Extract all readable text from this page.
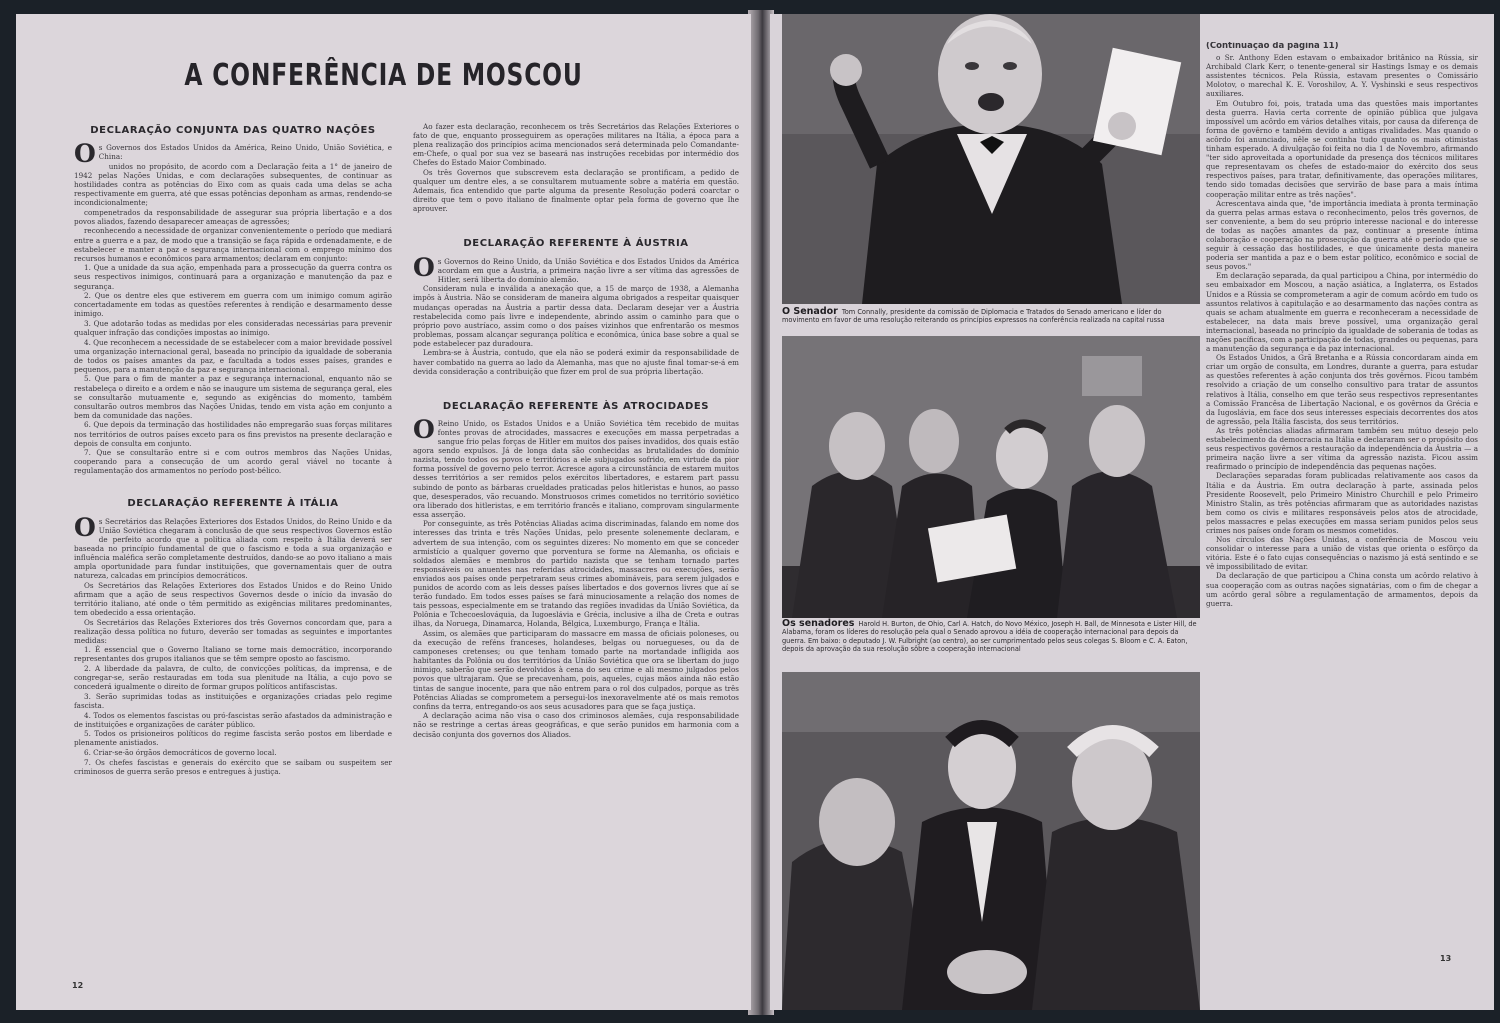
A CONFERÊNCIA DE MOSCOU
DECLARAÇÃO CONJUNTA DAS QUATRO NAÇÕES

Os Governos dos Estados Unidos da América, Reino Unido, União Soviética, e China:

unidos no propósito, de acordo com a Declaração feita a 1° de janeiro de 1942 pelas Nações Unidas, e com declarações subsequentes, de continuar as hostilidades contra as potências do Eixo com as quais cada uma delas se acha respectivamente em guerra, até que essas potências deponham as armas, rendendo-se incondicionalmente;

compenetrados da responsabilidade de assegurar sua própria libertação e a dos povos aliados, fazendo desaparecer ameaças de agressões;

reconhecendo a necessidade de organizar convenientemente o período que mediará entre a guerra e a paz, de modo que a transição se faça rápida e ordenadamente, e de estabelecer e manter a paz e segurança internacional com o emprego mínimo dos recursos humanos e econômicos para armamentos; declaram em conjunto:

1. Que a unidade da sua ação, empenhada para a prossecução da guerra contra os seus respectivos inimigos, continuará para a organização e manutenção da paz e segurança.

2. Que os dentre eles que estiverem em guerra com um inimigo comum agirão concertadamente em todas as questões referentes à rendição e desarmamento desse inimigo.

3. Que adotarão todas as medidas por eles consideradas necessárias para prevenir qualquer infração das condições impostas ao inimigo.

4. Que reconhecem a necessidade de se estabelecer com a maior brevidade possível uma organização internacional geral, baseada no princípio da igualdade de soberania de todos os países amantes da paz, e facultada a todos esses países, grandes e pequenos, para a manutenção da paz e segurança internacional.

5. Que para o fim de manter a paz e segurança internacional, enquanto não se restabeleça o direito e a ordem e não se inaugure um sistema de segurança geral, eles se consultarão mutuamente e, segundo as exigências do momento, também consultarão outros membros das Nações Unidas, tendo em vista ação em conjunto a bem da comunidade das nações.

6. Que depois da terminação das hostilidades não empregarão suas forças militares nos territórios de outros países exceto para os fins previstos na presente declaração e depois de consulta em conjunto.

7. Que se consultarão entre si e com outros membros das Nações Unidas, cooperando para a consecução de um acordo geral viável no tocante à regulamentação dos armamentos no período post-bélico.

DECLARAÇÃO REFERENTE À ITÁLIA

Os Secretários das Relações Exteriores dos Estados Unidos, do Reino Unido e da União Soviética chegaram à conclusão de que seus respectivos Governos estão de perfeito acordo que a política aliada com respeito à Itália deverá ser baseada no princípio fundamental de que o fascismo e toda a sua organização e influência maléfica serão completamente destruídos, dando-se ao povo italiano a mais ampla oportunidade para fundar instituições, que governamentais quer de outra natureza, calcadas em princípios democráticos.

Os Secretários das Relações Exteriores dos Estados Unidos e do Reino Unido afirmam que a ação de seus respectivos Governos desde o início da invasão do território italiano, até onde o têm permitido as exigências militares predominantes, tem obedecido a essa orientação.

Os Secretários das Relações Exteriores dos três Governos concordam que, para a realização dessa política no futuro, deverão ser tomadas as seguintes e importantes medidas:

1. É essencial que o Governo Italiano se torne mais democrático, incorporando representantes dos grupos italianos que se têm sempre oposto ao fascismo.

2. A liberdade da palavra, de culto, de convicções políticas, da imprensa, e de congregar-se, serão restauradas em toda sua plenitude na Itália, a cujo povo se concederá igualmente o direito de formar grupos políticos antifascistas.

3. Serão suprimidas todas as instituições e organizações criadas pelo regime fascista.

4. Todos os elementos fascistas ou pró-fascistas serão afastados da administração e de instituições e organizações de caráter público.

5. Todos os prisioneiros políticos do regime fascista serão postos em liberdade e plenamente anistiados.

6. Criar-se-ão órgãos democráticos de governo local.

7. Os chefes fascistas e generais do exército que se saibam ou suspeitem ser criminosos de guerra serão presos e entregues à justiça.

Ao fazer esta declaração, reconhecem os três Secretários das Relações Exteriores o fato de que, enquanto prosseguirem as operações militares na Itália, a época para a plena realização dos princípios acima mencionados será determinada pelo Comandante-em-Chefe, o qual por sua vez se baseará nas instruções recebidas por intermédio dos Chefes do Estado Maior Combinado.

Os três Governos que subscrevem esta declaração se prontificam, a pedido de qualquer um dentre eles, a se consultarem mutuamente sobre a matéria em questão. Ademais, fica entendido que parte alguma da presente Resolução poderá coarctar o direito que tem o povo italiano de finalmente optar pela forma de governo que lhe aprouver.

DECLARAÇÃO REFERENTE À ÁUSTRIA

Os Governos do Reino Unido, da União Soviética e dos Estados Unidos da América acordam em que a Áustria, a primeira nação livre a ser vítima das agressões de Hitler, será liberta do domínio alemão.

Consideram nula e inválida a anexação que, a 15 de março de 1938, a Alemanha impôs à Áustria. Não se consideram de maneira alguma obrigados a respeitar quaisquer mudanças operadas na Áustria a partir dessa data. Declaram desejar ver a Áustria restabelecida como país livre e independente, abrindo assim o caminho para que o próprio povo austríaco, assim como o dos países vizinhos que enfrentarão os mesmos problemas, possam alcançar segurança política e econômica, única base sobre a qual se pode estabelecer paz duradoura.

Lembra-se à Áustria, contudo, que ela não se poderá eximir da responsabilidade de haver combatido na guerra ao lado da Alemanha, mas que no ajuste final tomar-se-á em devida consideração a contribuição que fizer em prol de sua própria libertação.

DECLARAÇÃO REFERENTE ÀS ATROCIDADES

O Reino Unido, os Estados Unidos e a União Soviética têm recebido de muitas fontes provas de atrocidades, massacres e execuções em massa perpetradas a sangue frio pelas forças de Hitler em muitos dos países invadidos, dos quais estão agora sendo expulsos. Já de longa data são conhecidas as brutalidades do domínio nazista, tendo todos os povos e territórios a ele subjugados sofrido, em virtude da pior forma possível de governo pelo terror. Acresce agora a circunstância de estarem muitos desses territórios a ser remidos pelos exércitos libertadores, e estarem part passu subindo de ponto as bárbaras crueldades praticadas pelos hitleristas e hunos, ao passo que, desesperados, vão recuando. Monstruosos crimes cometidos no território soviético ora liberado dos hitleristas, e em território francês e italiano, comprovam singularmente essa asserção.

Por conseguinte, as três Potências Aliadas acima discriminadas, falando em nome dos interesses das trinta e três Nações Unidas, pelo presente solenemente declaram, e advertem de sua intenção, com os seguintes dizeres: No momento em que se conceder armistício a qualquer governo que porventura se forme na Alemanha, os oficiais e soldados alemães e membros do partido nazista que se tenham tornado partes responsáveis ou anuentes nas referidas atrocidades, massacres ou execuções, serão enviados aos países onde perpetraram seus crimes abomináveis, para serem julgados e punidos de acordo com as leis desses países libertados e dos governos livres que aí se terão fundado. Em todos esses países se fará minuciosamente a relação dos nomes de tais pessoas, especialmente em se tratando das regiões invadidas da União Soviética, da Polônia e Tchecoeslováquia, da Iugoeslávia e Grécia, inclusive a ilha de Creta e outras ilhas, da Noruega, Dinamarca, Holanda, Bélgica, Luxemburgo, França e Itália.

Assim, os alemães que participaram do massacre em massa de oficiais poloneses, ou da execução de reféns franceses, holandeses, belgas ou noruegueses, ou da de camponeses cretenses; ou que tenham tomado parte na mortandade infligida aos habitantes da Polônia ou dos territórios da União Soviética que ora se libertam do jugo inimigo, saberão que serão devolvidos à cena do seu crime e ali mesmo julgados pelos povos que ultrajaram. Que se precavenham, pois, aqueles, cujas mãos ainda não estão tintas de sangue inocente, para que não entrem para o rol dos culpados, porque as três Potências Aliadas se comprometem a persegui-los inexoravelmente até os mais remotos confins da terra, entregando-os aos seus acusadores para que se faça justiça.

A declaração acima não visa o caso dos criminosos alemães, cuja responsabilidade não se restringe a certas áreas geográficas, e que serão punidos em harmonia com a decisão conjunta dos governos dos Aliados.

12
O Senador Tom Connally, presidente da comissão de Diplomacia e Tratados do Senado americano e líder do movimento em favor de uma resolução reiterando os princípios expressos na conferência realizada na capital russa
Os senadores Harold H. Burton, de Ohio, Carl A. Hatch, do Novo México, Joseph H. Ball, de Minnesota e Lister Hill, de Alabama, foram os líderes do resolução pela qual o Senado aprovou a idéia de cooperação internacional para depois da guerra. Em baixo: o deputado J. W. Fulbright (ao centro), ao ser cumprimentado pelos seus colegas S. Bloom e C. A. Eaton, depois da aprovação da sua resolução sôbre a cooperação internacional
(Continuação da página 11)

o Sr. Anthony Eden estavam o embaixador britânico na Rússia, sir Archibald Clark Kerr, o tenente-general sir Hastings Ismay e os demais assistentes técnicos. Pela Rússia, estavam presentes o Comissário Molotov, o marechal K. E. Voroshilov, A. Y. Vyshinski e seus respectivos auxiliares.

Em Outubro foi, pois, tratada uma das questões mais importantes desta guerra. Havia certa corrente de opinião pública que julgava impossível um acôrdo em vários detalhes vitais, por causa da diferença de forma de govêrno e também devido a antigas rivalidades. Mas quando o acôrdo foi anunciado, nêle se continha tudo quanto os mais otimistas tinham esperado. A divulgação foi feita no dia 1 de Novembro, afirmando "ter sido aproveitada a oportunidade da presença dos técnicos militares que representavam os chefes de estado-maior do exército dos seus respectivos países, para tratar, definitivamente, das operações militares, tendo sido tomadas decisões que servirão de base para a mais íntima cooperação militar entre as três nações".

Acrescentava ainda que, "de importância imediata à pronta terminação da guerra pelas armas estava o reconhecimento, pelos três governos, de ser conveniente, a bem do seu próprio interesse nacional e do interesse de todas as nações amantes da paz, continuar a presente íntima colaboração e cooperação na prosecução da guerra até o período que se seguir à cessação das hostilidades, e que únicamente desta maneira poderia ser mantida a paz e o bem estar político, econômico e social de seus povos."

Em declaração separada, da qual participou a China, por intermédio do seu embaixador em Moscou, a nação asiática, a Inglaterra, os Estados Unidos e a Rússia se comprometeram a agir de comum acôrdo em tudo os assuntos relativos à capitulação e ao desarmamento das nações contra as quais se acham atualmente em guerra e reconheceram a necessidade de estabelecer, na data mais breve possível, uma organização geral internacional, baseada no princípio da igualdade de soberania de todas as nações pacíficas, com a participação de todas, grandes ou pequenas, para a manutenção da segurança e da paz internacional.

Os Estados Unidos, a Grã Bretanha e a Rússia concordaram ainda em criar um orgão de consulta, em Londres, durante a guerra, para estudar as questões referentes à ação conjunta dos três govêrnos. Ficou também resolvido a criação de um conselho consultivo para tratar de assuntos relativos à Itália, conselho em que terão seus respectivos representantes a Comissão Francêsa de Libertação Nacional, e os govêrnos da Grécia e da Iugoslávia, em face dos seus interesses especiais decorrentes dos atos de agressão, pela Itália fascista, dos seus territórios.

As três potências aliadas afirmaram também seu mútuo desejo pelo estabelecimento da democracia na Itália e declararam ser o propósito dos seus respectivos govêrnos a restauração da independência da Áustria — a primeira nação livre a ser vítima da agressão nazista. Ficou assim reafirmado o princípio de independência das pequenas nações.

Declarações separadas foram publicadas relativamente aos casos da Itália e da Áustria. Em outra declaração à parte, assinada pelos Presidente Roosevelt, pelo Primeiro Ministro Churchill e pelo Primeiro Ministro Stalin, as três potências afirmaram que as autoridades nazistas bem como os civis e militares responsáveis pelos atos de atrocidade, pelos massacres e pelas execuções em massa seriam punidos pelos seus crimes nos países onde foram os mesmos cometidos.

Nos círculos das Nações Unidas, a conferência de Moscou veiu consolidar o interesse para a união de vistas que orienta o esfôrço da vitória. Este é o fato cujas consequências o nazismo já está sentindo e se vê impossibilitado de evitar.

Da declaração de que participou a China consta um acôrdo relativo à sua cooperação com as outras nações signatárias, com o fim de chegar a um acôrdo geral sôbre a regulamentação de armamentos, depois da guerra.

13
